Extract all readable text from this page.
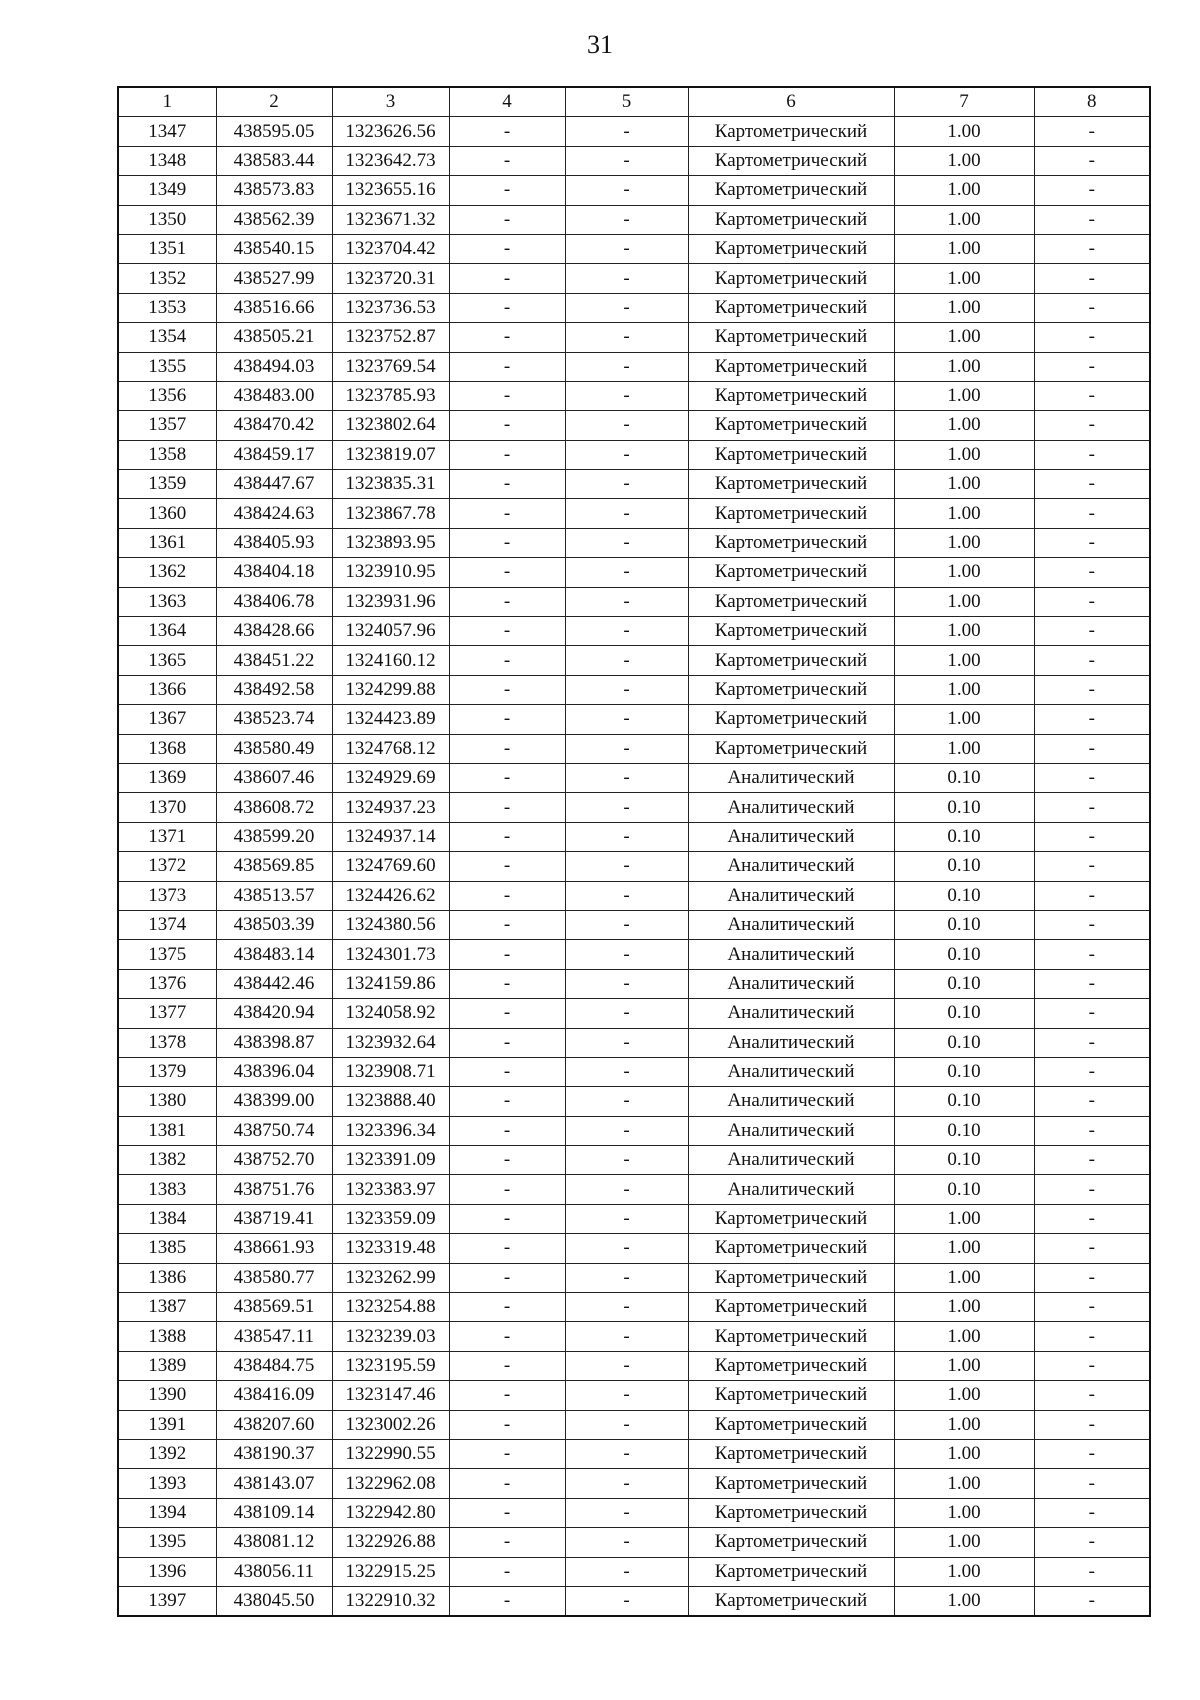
31
1	2	3	4	5	6	7	8
1347	438595.05	1323626.56	-	-	Картометрический	1.00	-
1348	438583.44	1323642.73	-	-	Картометрический	1.00	-
1349	438573.83	1323655.16	-	-	Картометрический	1.00	-
1350	438562.39	1323671.32	-	-	Картометрический	1.00	-
1351	438540.15	1323704.42	-	-	Картометрический	1.00	-
1352	438527.99	1323720.31	-	-	Картометрический	1.00	-
1353	438516.66	1323736.53	-	-	Картометрический	1.00	-
1354	438505.21	1323752.87	-	-	Картометрический	1.00	-
1355	438494.03	1323769.54	-	-	Картометрический	1.00	-
1356	438483.00	1323785.93	-	-	Картометрический	1.00	-
1357	438470.42	1323802.64	-	-	Картометрический	1.00	-
1358	438459.17	1323819.07	-	-	Картометрический	1.00	-
1359	438447.67	1323835.31	-	-	Картометрический	1.00	-
1360	438424.63	1323867.78	-	-	Картометрический	1.00	-
1361	438405.93	1323893.95	-	-	Картометрический	1.00	-
1362	438404.18	1323910.95	-	-	Картометрический	1.00	-
1363	438406.78	1323931.96	-	-	Картометрический	1.00	-
1364	438428.66	1324057.96	-	-	Картометрический	1.00	-
1365	438451.22	1324160.12	-	-	Картометрический	1.00	-
1366	438492.58	1324299.88	-	-	Картометрический	1.00	-
1367	438523.74	1324423.89	-	-	Картометрический	1.00	-
1368	438580.49	1324768.12	-	-	Картометрический	1.00	-
1369	438607.46	1324929.69	-	-	Аналитический	0.10	-
1370	438608.72	1324937.23	-	-	Аналитический	0.10	-
1371	438599.20	1324937.14	-	-	Аналитический	0.10	-
1372	438569.85	1324769.60	-	-	Аналитический	0.10	-
1373	438513.57	1324426.62	-	-	Аналитический	0.10	-
1374	438503.39	1324380.56	-	-	Аналитический	0.10	-
1375	438483.14	1324301.73	-	-	Аналитический	0.10	-
1376	438442.46	1324159.86	-	-	Аналитический	0.10	-
1377	438420.94	1324058.92	-	-	Аналитический	0.10	-
1378	438398.87	1323932.64	-	-	Аналитический	0.10	-
1379	438396.04	1323908.71	-	-	Аналитический	0.10	-
1380	438399.00	1323888.40	-	-	Аналитический	0.10	-
1381	438750.74	1323396.34	-	-	Аналитический	0.10	-
1382	438752.70	1323391.09	-	-	Аналитический	0.10	-
1383	438751.76	1323383.97	-	-	Аналитический	0.10	-
1384	438719.41	1323359.09	-	-	Картометрический	1.00	-
1385	438661.93	1323319.48	-	-	Картометрический	1.00	-
1386	438580.77	1323262.99	-	-	Картометрический	1.00	-
1387	438569.51	1323254.88	-	-	Картометрический	1.00	-
1388	438547.11	1323239.03	-	-	Картометрический	1.00	-
1389	438484.75	1323195.59	-	-	Картометрический	1.00	-
1390	438416.09	1323147.46	-	-	Картометрический	1.00	-
1391	438207.60	1323002.26	-	-	Картометрический	1.00	-
1392	438190.37	1322990.55	-	-	Картометрический	1.00	-
1393	438143.07	1322962.08	-	-	Картометрический	1.00	-
1394	438109.14	1322942.80	-	-	Картометрический	1.00	-
1395	438081.12	1322926.88	-	-	Картометрический	1.00	-
1396	438056.11	1322915.25	-	-	Картометрический	1.00	-
1397	438045.50	1322910.32	-	-	Картометрический	1.00	-
